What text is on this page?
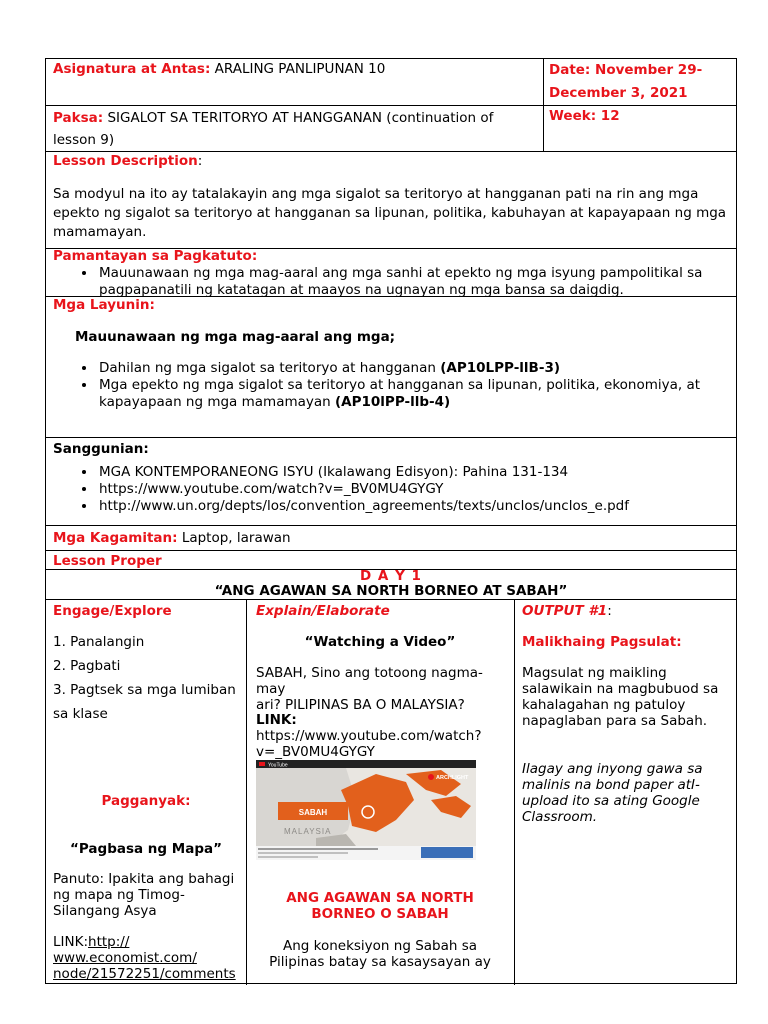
Asignatura at Antas: ARALING PANLIPUNAN 10	Date: November 29-
December 3, 2021
Paksa: SIGALOT SA TERITORYO AT HANGGANAN (continuation of
lesson 9)
Week: 12
Lesson Description:
Sa modyul na ito ay tatalakayin ang mga sigalot sa teritoryo at hangganan pati na rin ang mga
epekto ng sigalot sa teritoryo at hangganan sa lipunan, politika, kabuhayan at kapayapaan ng mga
mamamayan.
Pamantayan sa Pagkatuto:
• Mauunawaan ng mga mag-aaral ang mga sanhi at epekto ng mga isyung pampolitikal sa
pagpapanatili ng katatagan at maayos na ugnayan ng mga bansa sa daigdig.
Mga Layunin:
Mauunawaan ng mga mag-aaral ang mga;
• Dahilan ng mga sigalot sa teritoryo at hangganan (AP10LPP-llB-3)
• Mga epekto ng mga sigalot sa teritoryo at hangganan sa lipunan, politika, ekonomiya, at
kapayapaan ng mga mamamayan (AP10lPP-llb-4)
Sanggunian:
• MGA KONTEMPORANEONG ISYU (Ikalawang Edisyon): Pahina 131-134
• https://www.youtube.com/watch?v=_BV0MU4GYGY
• http://www.un.org/depts/los/convention_agreements/texts/unclos/unclos_e.pdf
Mga Kagamitan: Laptop, larawan
Lesson Proper
D A Y 1
“ANG AGAWAN SA NORTH BORNEO AT SABAH”
Engage/Explore
1. Panalangin
2. Pagbati
3. Pagtsek sa mga lumiban
sa klase
Pagganyak:
“Pagbasa ng Mapa”
Panuto: Ipakita ang bahagi
ng mapa ng Timog-
Silangang Asya
LINK:http://
www.economist.com/
node/21572251/comments
Explain/Elaborate
“Watching a Video”
SABAH, Sino ang totoong nagma-may
ari? PILIPINAS BA O MALAYSIA?
LINK:
https://www.youtube.com/watch?
v=_BV0MU4GYGY
YouTube
SABAH
MALAYSIA
ARCHLIGHT
ANG AGAWAN SA NORTH
BORNEO O SABAH
Ang koneksiyon ng Sabah sa
Pilipinas batay sa kasaysayan ay
OUTPUT #1:
Malikhaing Pagsulat:
Magsulat ng maikling
salawikain na magbubuod sa
kahalagahan ng patuloy
napaglaban para sa Sabah.
Ilagay ang inyong gawa sa
malinis na bond paper atI-
upload ito sa ating Google
Classroom.
